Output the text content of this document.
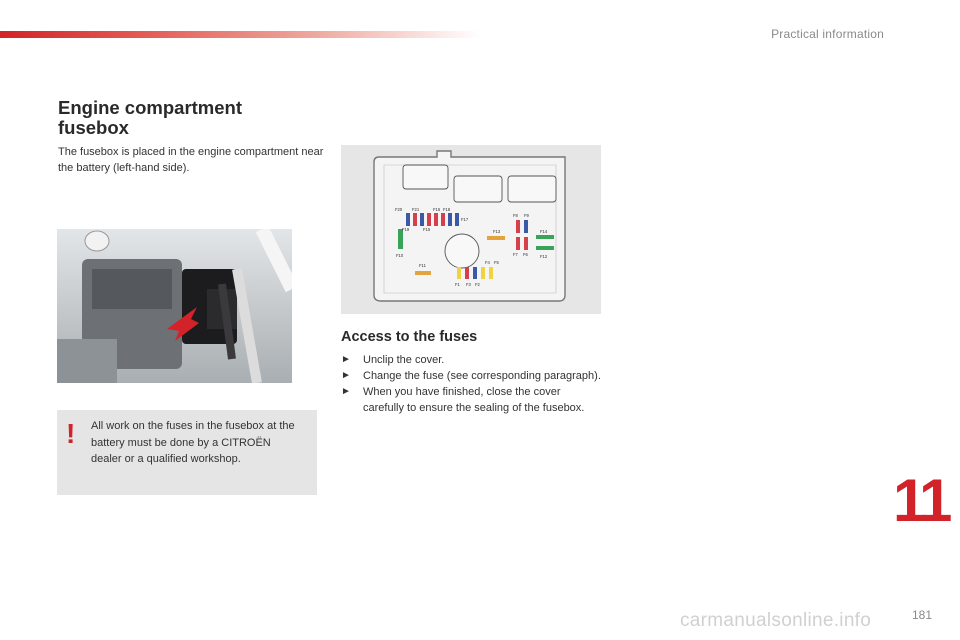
Practical information
Engine compartment fusebox
The fusebox is placed in the engine compartment near the battery (left-hand side).
! All work on the fuses in the fusebox at the battery must be done by a CITROËN dealer or a qualified workshop.
F20 F21	F16 F18
F19	F15
F17
F10
F13
F11
F8 F9
F14
F7 F6	F12
F4 F5
F1 F3 F2
Access to the fuses
► Unclip the cover.
► Change the fuse (see corresponding paragraph).
► When you have finished, close the cover carefully to ensure the sealing of the fusebox.
11
carmanualsonline.info	181
